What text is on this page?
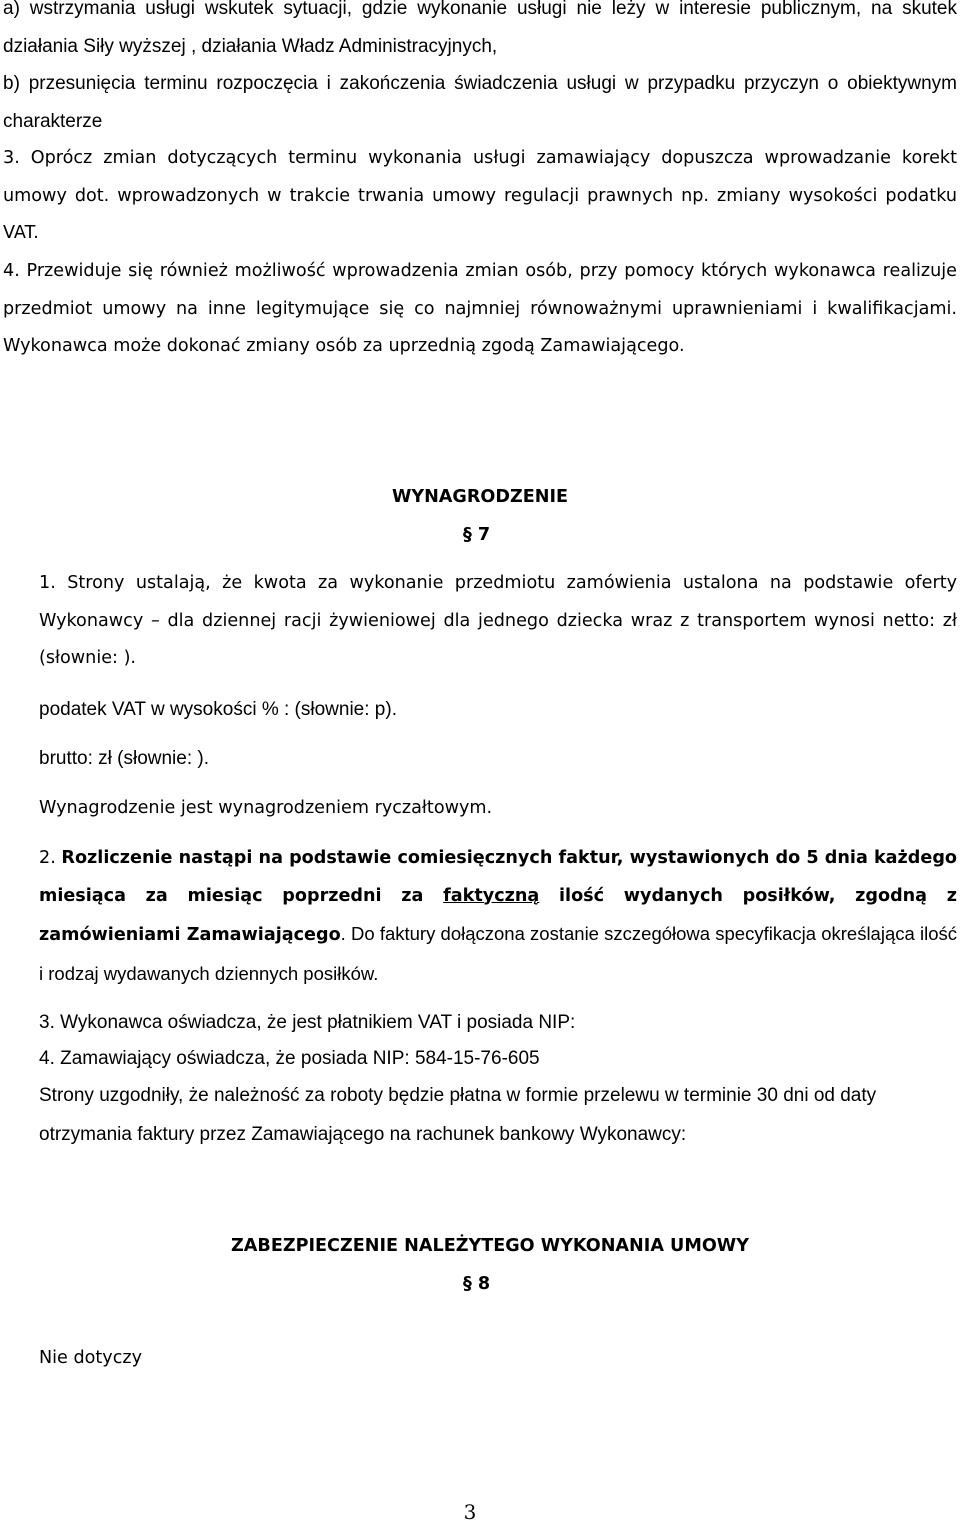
a) wstrzymania usługi wskutek sytuacji, gdzie wykonanie usługi nie leży w interesie publicznym, na skutek działania Siły wyższej , działania Władz Administracyjnych,

b) przesunięcia terminu rozpoczęcia i zakończenia świadczenia usługi w przypadku przyczyn o obiektywnym charakterze

3. Oprócz zmian dotyczących terminu wykonania usługi zamawiający dopuszcza wprowadzanie korekt umowy dot. wprowadzonych w trakcie trwania umowy regulacji prawnych np. zmiany wysokości podatku VAT.

4. Przewiduje się również możliwość wprowadzenia zmian osób, przy pomocy których wykonawca realizuje przedmiot umowy na inne legitymujące się co najmniej równoważnymi uprawnieniami i kwalifikacjami. Wykonawca może dokonać zmiany osób za uprzednią zgodą Zamawiającego.

WYNAGRODZENIE

§ 7

1. Strony ustalają, że kwota za wykonanie przedmiotu zamówienia ustalona na podstawie oferty Wykonawcy – dla dziennej racji żywieniowej dla jednego dziecka wraz z transportem wynosi netto: zł (słownie: ).

podatek VAT w wysokości % : (słownie: p).

brutto: zł (słownie: ).

Wynagrodzenie jest wynagrodzeniem ryczałtowym.

2. Rozliczenie nastąpi na podstawie comiesięcznych faktur, wystawionych do 5 dnia każdego miesiąca za miesiąc poprzedni za faktyczną ilość wydanych posiłków, zgodną z zamówieniami Zamawiającego. Do faktury dołączona zostanie szczegółowa specyfikacja określająca ilość i rodzaj wydawanych dziennych posiłków.

3. Wykonawca oświadcza, że jest płatnikiem VAT i posiada NIP:

4. Zamawiający oświadcza, że posiada NIP: 584-15-76-605

Strony uzgodniły, że należność za roboty będzie płatna w formie przelewu w terminie 30 dni od daty otrzymania faktury przez Zamawiającego na rachunek bankowy Wykonawcy:

ZABEZPIECZENIE NALEŻYTEGO WYKONANIA UMOWY

§ 8

Nie dotyczy

3
